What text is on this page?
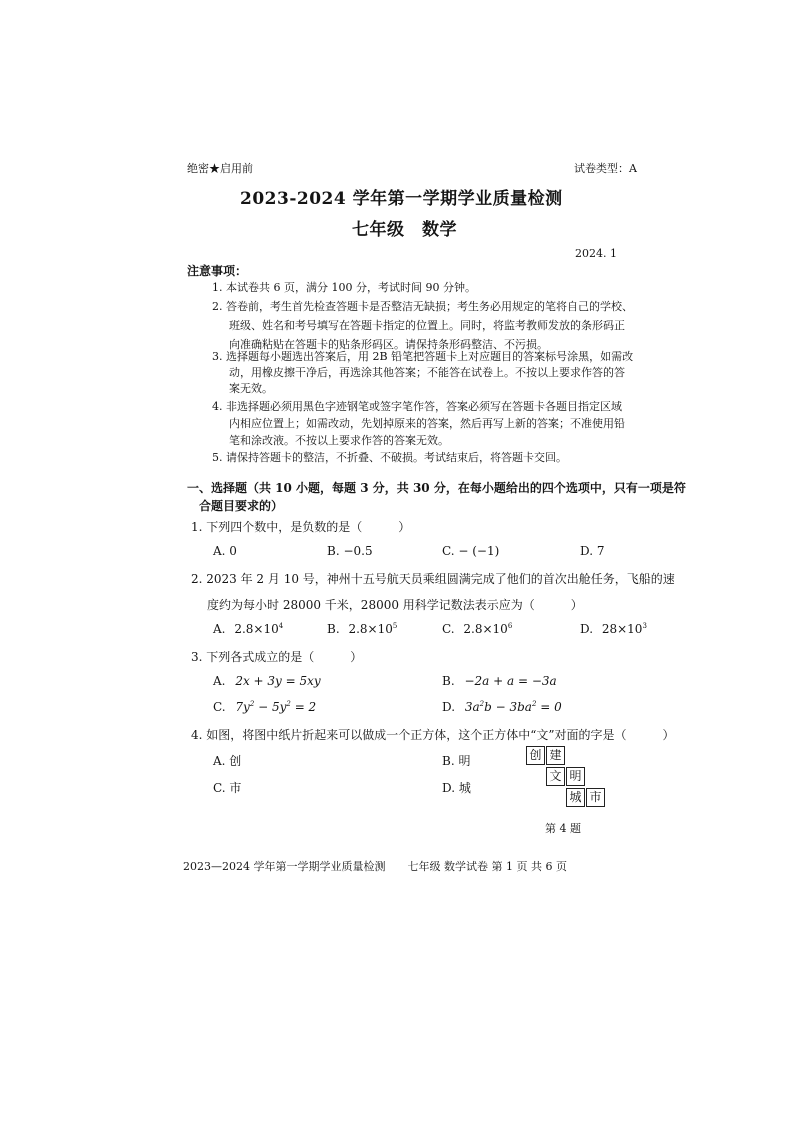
绝密★启用前	试卷类型：A
2023-2024 学年第一学期学业质量检测
七年级　数学
2024. 1
注意事项：
1. 本试卷共 6 页，满分 100 分，考试时间 90 分钟。
2. 答卷前，考生首先检查答题卡是否整洁无缺损；考生务必用规定的笔将自己的学校、
班级、姓名和考号填写在答题卡指定的位置上。同时，将监考教师发放的条形码正
向准确粘贴在答题卡的贴条形码区。请保持条形码整洁、不污损。
3. 选择题每小题选出答案后，用 2B 铅笔把答题卡上对应题目的答案标号涂黑，如需改
动，用橡皮擦干净后，再选涂其他答案；不能答在试卷上。不按以上要求作答的答
案无效。
4. 非选择题必须用黑色字迹钢笔或签字笔作答，答案必须写在答题卡各题目指定区域
内相应位置上；如需改动，先划掉原来的答案，然后再写上新的答案；不准使用铅
笔和涂改液。不按以上要求作答的答案无效。
5. 请保持答题卡的整洁，不折叠、不破损。考试结束后，将答题卡交回。
一、选择题（共 10 小题，每题 3 分，共 30 分，在每小题给出的四个选项中，只有一项是符
合题目要求的）
1. 下列四个数中，是负数的是（　　　）
A. 0	B. −0.5	C. − (−1)	D. 7
2. 2023 年 2 月 10 号，神州十五号航天员乘组圆满完成了他们的首次出舱任务，飞船的速
度约为每小时 28000 千米，28000 用科学记数法表示应为（　　　）
A. $2.8\times 10^4$	B. $2.8\times 10^5$	C. $2.8\times 10^6$	D. $28\times 10^3$
3. 下列各式成立的是（　　　）
A. 2x + 3y = 5xy	B. −2a + a = −3a
C. $7y^2 - 5y^2 = 2$	D. $3a^2b - 3ba^2 = 0$
4. 如图，将图中纸片折起来可以做成一个正方体，这个正方体中“文”对面的字是（　　　）
A. 创	B. 明
C. 市	D. 城
创 建
文 明
城 市
第 4 题
2023—2024 学年第一学期学业质量检测　　七年级 数学试卷 第 1 页 共 6 页
